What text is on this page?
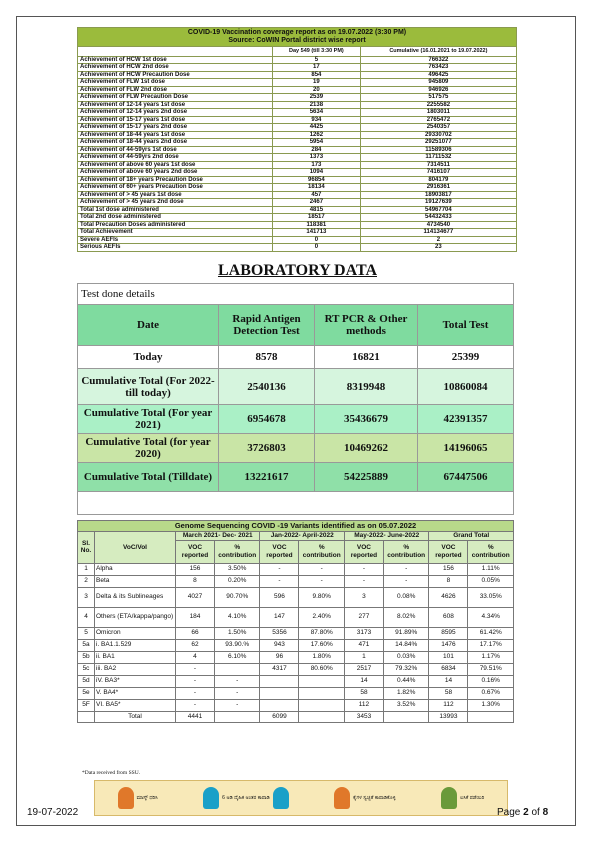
COVID-19 Vaccination coverage report as on 19.07.2022 (3:30 PM)
Source: CoWIN Portal district wise report		

	Day 549 (till 3:30 PM)	Cumulative (16.01.2021 to 19.07.2022)
Achievement of HCW 1st dose	5	766322
Achievement of HCW 2nd dose	17	763423
Achievement of HCW Precaution Dose	854	496425
Achievement of FLW 1st dose	19	945809
Achievement of FLW 2nd dose	20	946926
Achievement of FLW Precaution Dose	2539	517575
Achievement of 12-14 years 1st dose	2138	2255582
Achievement of 12-14 years 2nd dose	5634	1803011
Achievement of 15-17 years 1st dose	934	2765472
Achievement of 15-17 years 2nd dose	4425	2540357
Achievement of 18-44 years 1st dose	1262	29330702
Achievement of 18-44 years 2nd dose	5954	29251077
Achievement of 44-59yrs 1st dose	284	11589306
Achievement of 44-59yrs 2nd dose	1373	11711532
Achievement of above 60 years 1st dose	173	7314511
Achievement of above 60 years 2nd dose	1094	7416107
Achievement of 18+ years Precaution Dose	96854	804179
Achievement of 60+ years Precaution Dose	18134	2916361
Achievement of > 45 years 1st dose	457	18903817
Achievement of > 45 years 2nd dose	2467	19127639
Total 1st dose administered	4815	54967704
Total 2nd dose administered	18517	54432433
Total Precaution Doses administered	118381	4734540
Total Achievement	141713	114134677
Severe AEFIs	0	2
Serious AEFIs	0	23
LABORATORY DATA
Test done details			
Date	Rapid Antigen Detection Test	RT PCR & Other methods	Total Test
Today	8578	16821	25399
Cumulative Total (For 2022- till today)	2540136	8319948	10860084
Cumulative Total (For year 2021)	6954678	35436679	42391357
Cumulative Total (for year 2020)	3726803	10469262	14196065
Cumulative Total (Tilldate)	13221617	54225889	67447506

Genome Sequencing COVID -19 Variants identified as on 05.07.2022									
Sl. No.	VoC/VoI	March 2021- Dec- 2021		Jan-2022- April-2022		May-2022- June-2022		Grand Total	
		VOC reported	% contribution	VOC reported	% contribution	VOC reported	% contribution	VOC reported	% contribution
1	Alpha	156	3.50%	-	-	-	-	156	1.11%
2	Beta	8	0.20%	-	-	-	-	8	0.05%
3	Delta & its Sublineages	4027	90.70%	596	9.80%	3	0.08%	4626	33.05%
4	Others (ETA/kappa/pango)	184	4.10%	147	2.40%	277	8.02%	608	4.34%
5	Omicron	66	1.50%	5356	87.80%	3173	91.89%	8595	61.42%
5a	i. BA1.1.529	62	93.90.%	943	17.60%	471	14.84%	1476	17.17%
5b	ii. BA1	4	6.10%	96	1.80%	1	0.03%	101	1.17%
5c	iii. BA2	-		4317	80.60%	2517	79.32%	6834	79.51%
5d	iV. BA3*	-	-			14	0.44%	14	0.16%
5e	V. BA4*	-	-			58	1.82%	58	0.67%
5F	VI. BA5*	-	-			112	3.52%	112	1.30%
	Total	4441		6099		3453		13993	
*Data received from SSU.
ಮಾಸ್ಕ್ ಧರಿಸಿ	6 ಅಡಿ ದೈಹಿಕ ಅಂತರ ಕಾಪಾಡಿ	ಕೈಗಳ ಸ್ವಚ್ಛತೆ ಕಾಪಾಡಿಕೊಳ್ಳಿ	ಲಸಿಕೆ ಪಡೆಯಿರಿ
19-07-2022	Page 2 of 8
